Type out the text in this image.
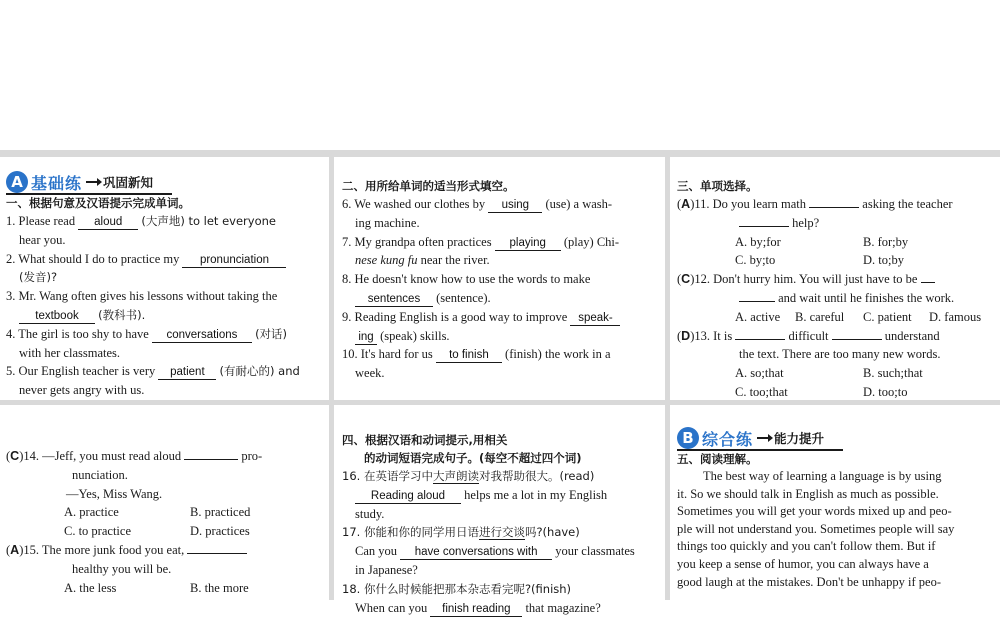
A 基础练 巩固新知
一、根据句意及汉语提示完成单词。
1. Please read aloud (大声地) to let everyone
hear you.
2. What should I do to practice my pronunciation
(发音)?
3. Mr. Wang often gives his lessons without taking the
textbook (教科书).
4. The girl is too shy to have conversations (对话)
with her classmates.
5. Our English teacher is very patient (有耐心的) and
never gets angry with us.
二、用所给单词的适当形式填空。
6. We washed our clothes by using (use) a wash-
ing machine.
7. My grandpa often practices playing (play) Chi-
nese kung fu near the river.
8. He doesn't know how to use the words to make
sentences (sentence).
9. Reading English is a good way to improve speak-
ing (speak) skills.
10. It's hard for us to finish (finish) the work in a
week.
三、单项选择。
(A)11. Do you learn math	asking the teacher
help?
A. by;for	B. for;by
C. by;to	D. to;by
(C)12. Don't hurry him. You will just have to be
and wait until he finishes the work.
A. active	B. careful	C. patient	D. famous
(D)13. It is	difficult	understand
the text. There are too many new words.
A. so;that	B. such;that
C. too;that	D. too;to
(C)14. —Jeff, you must read aloud	pro-
nunciation.
—Yes, Miss Wang.
A. practice	B. practiced
C. to practice	D. practices
(A)15. The more junk food you eat,
healthy you will be.
A. the less	B. the more
四、根据汉语和动词提示,用相关
的动词短语完成句子。(每空不超过四个词)
16. 在英语学习中大声朗读对我帮助很大。(read)
Reading aloud helps me a lot in my English
study.
17. 你能和你的同学用日语进行交谈吗?(have)
Can you have conversations with your classmates
in Japanese?
18. 你什么时候能把那本杂志看完呢?(finish)
When can you finish reading that magazine?
B 综合练 能力提升
五、阅读理解。
The best way of learning a language is by using
it. So we should talk in English as much as possible.
Sometimes you will get your words mixed up and peo-
ple will not understand you. Sometimes people will say
things too quickly and you can't follow them. But if
you keep a sense of humor, you can always have a
good laugh at the mistakes. Don't be unhappy if peo-
